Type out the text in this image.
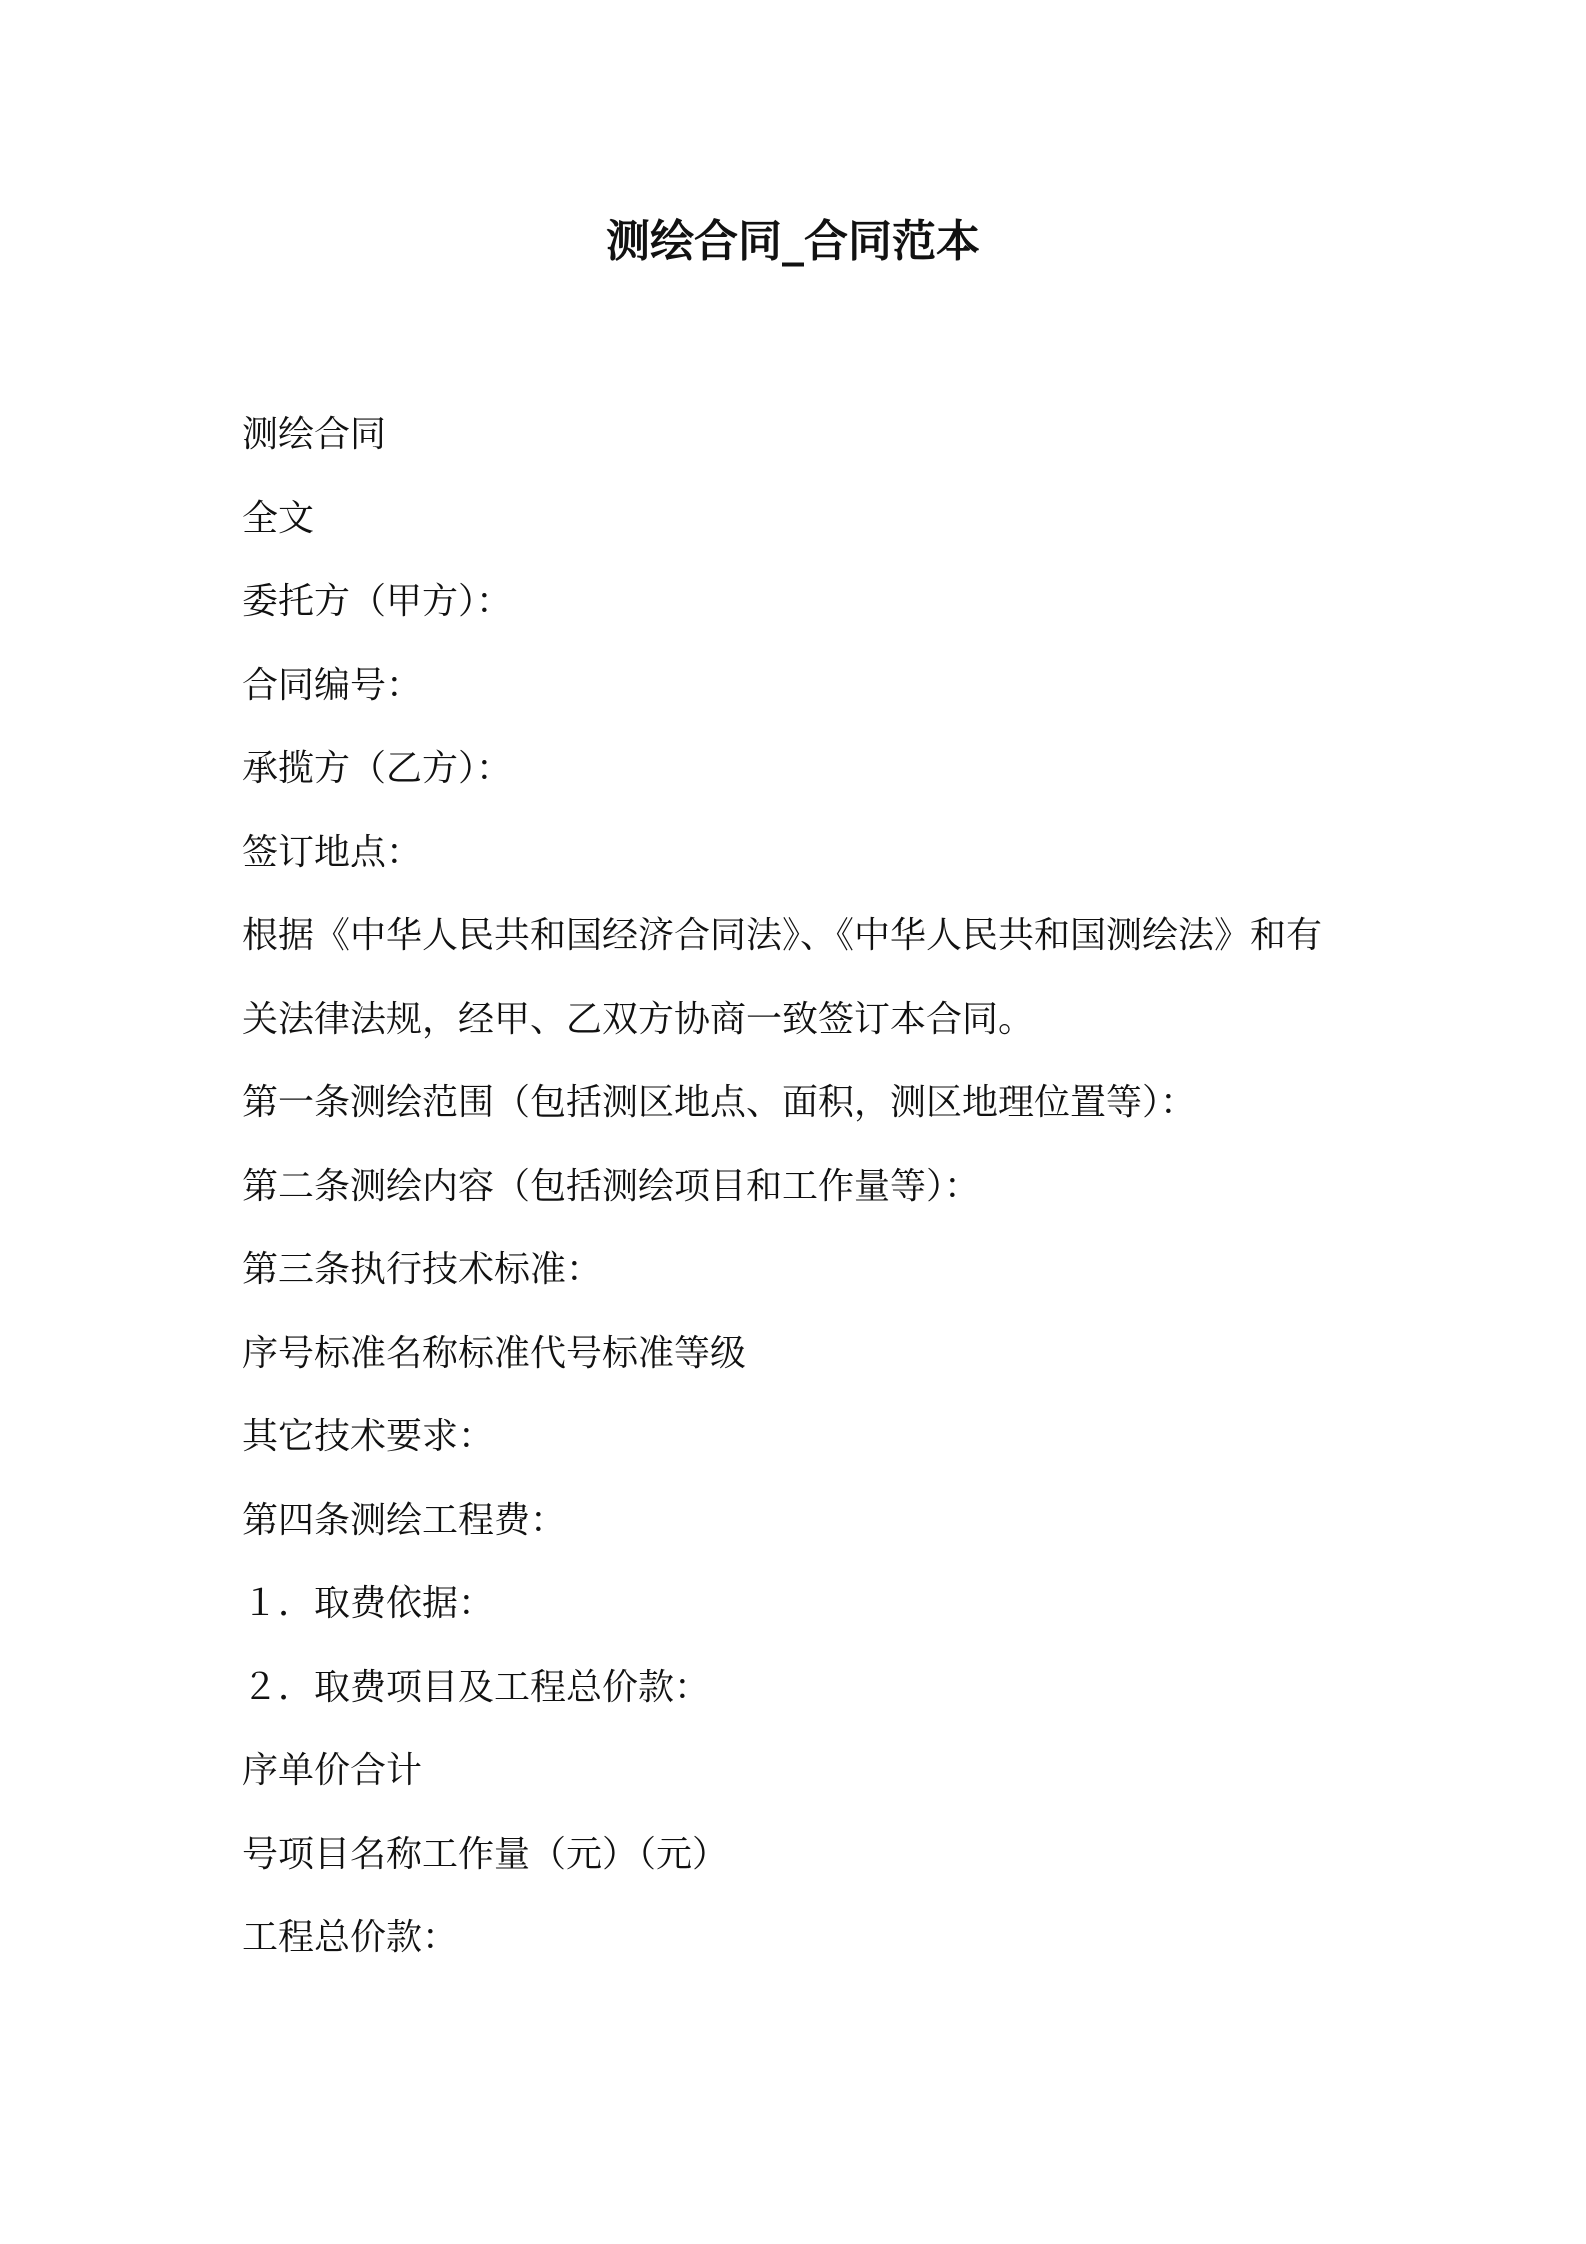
测绘合同_合同范本
测绘合同
全文
委托方（甲方）：
合同编号：
承揽方（乙方）：
签订地点：
根据《中华人民共和国经济合同法》、《中华人民共和国测绘法》和有
关法律法规，经甲、乙双方协商一致签订本合同。
第一条测绘范围（包括测区地点、面积，测区地理位置等）：
第二条测绘内容（包括测绘项目和工作量等）：
第三条执行技术标准：
序号标准名称标准代号标准等级
其它技术要求：
第四条测绘工程费：
１．取费依据：
２．取费项目及工程总价款：
序单价合计
号项目名称工作量（元）（元）
工程总价款：
